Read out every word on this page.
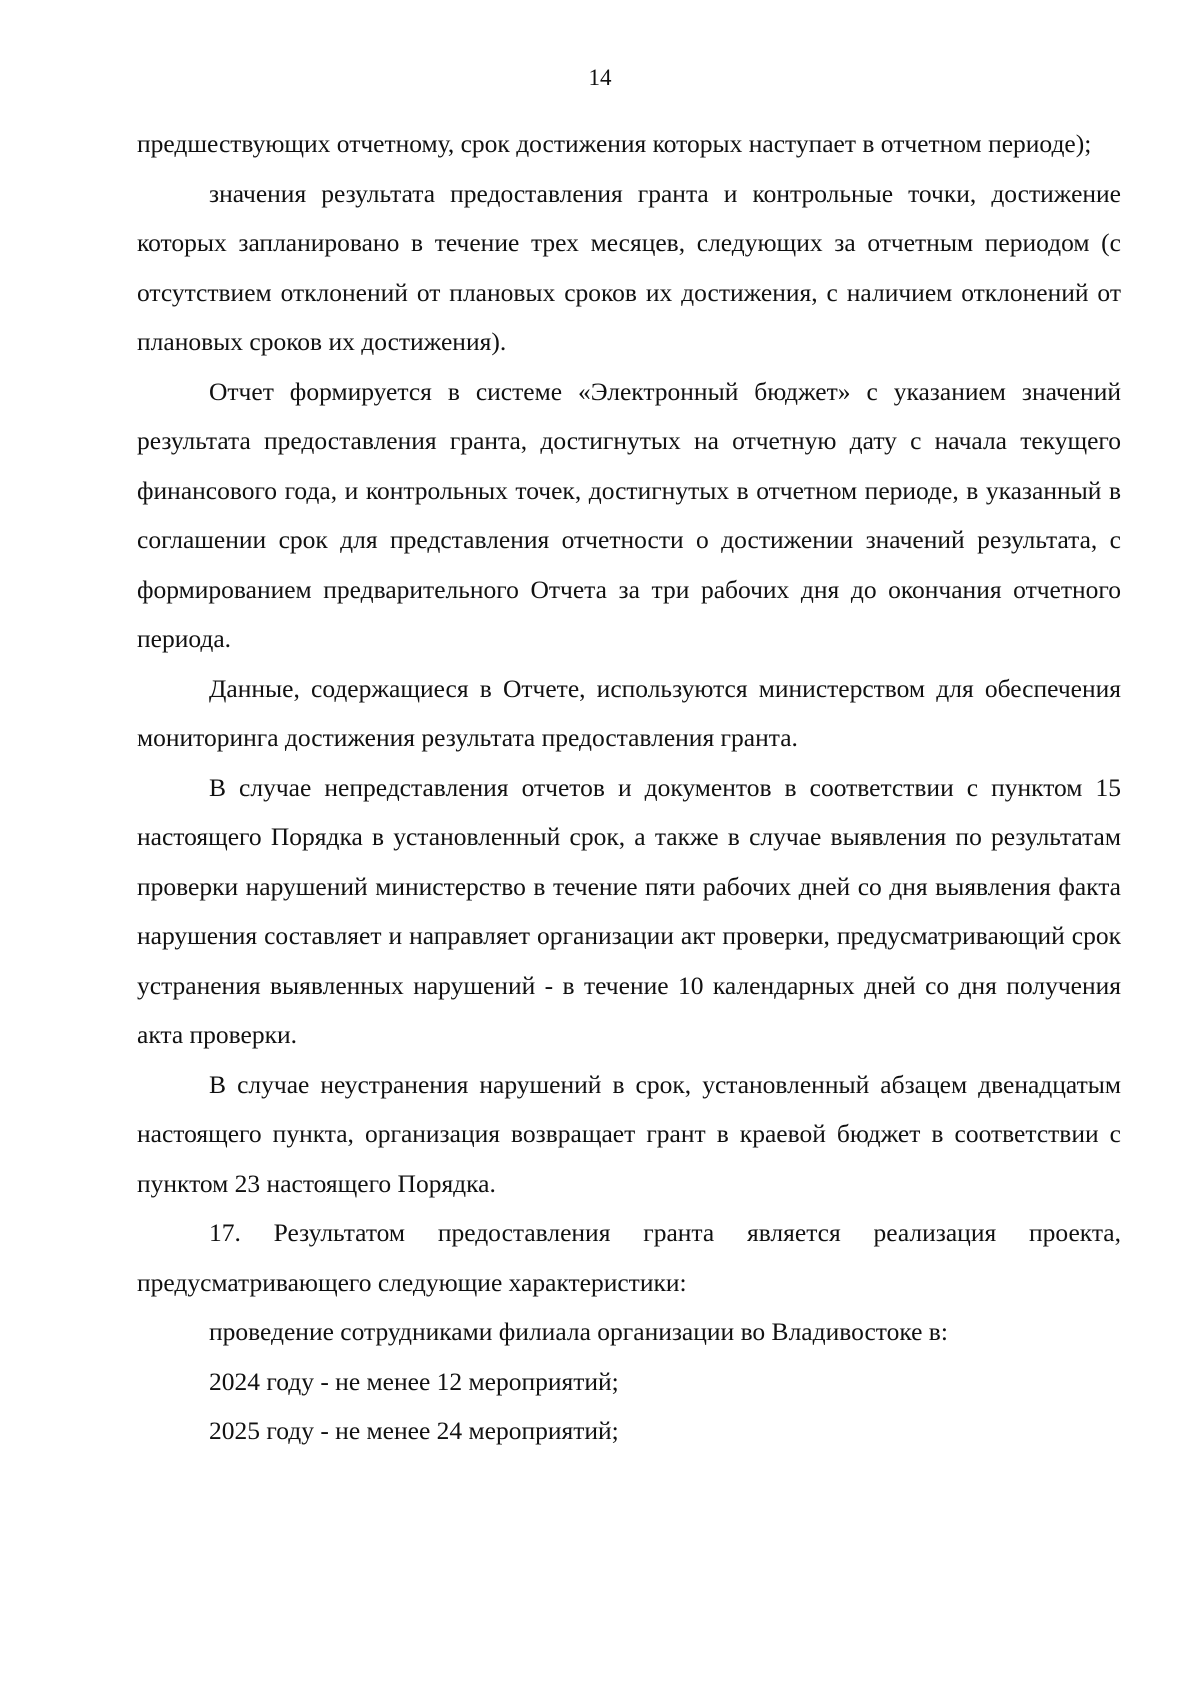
14

предшествующих отчетному, срок достижения которых наступает в отчетном периоде);

значения результата предоставления гранта и контрольные точки, достижение которых запланировано в течение трех месяцев, следующих за отчетным периодом (с отсутствием отклонений от плановых сроков их достижения, с наличием отклонений от плановых сроков их достижения).

Отчет формируется в системе «Электронный бюджет» с указанием значений результата предоставления гранта, достигнутых на отчетную дату с начала текущего финансового года, и контрольных точек, достигнутых в отчетном периоде, в указанный в соглашении срок для представления отчетности о достижении значений результата, с формированием предварительного Отчета за три рабочих дня до окончания отчетного периода.

Данные, содержащиеся в Отчете, используются министерством для обеспечения мониторинга достижения результата предоставления гранта.

В случае непредставления отчетов и документов в соответствии с пунктом 15 настоящего Порядка в установленный срок, а также в случае выявления по результатам проверки нарушений министерство в течение пяти рабочих дней со дня выявления факта нарушения составляет и направляет организации акт проверки, предусматривающий срок устранения выявленных нарушений - в течение 10 календарных дней со дня получения акта проверки.

В случае неустранения нарушений в срок, установленный абзацем двенадцатым настоящего пункта, организация возвращает грант в краевой бюджет в соответствии с пунктом 23 настоящего Порядка.

17. Результатом предоставления гранта является реализация проекта, предусматривающего следующие характеристики:

проведение сотрудниками филиала организации во Владивостоке в:

2024 году - не менее 12 мероприятий;

2025 году - не менее 24 мероприятий;
